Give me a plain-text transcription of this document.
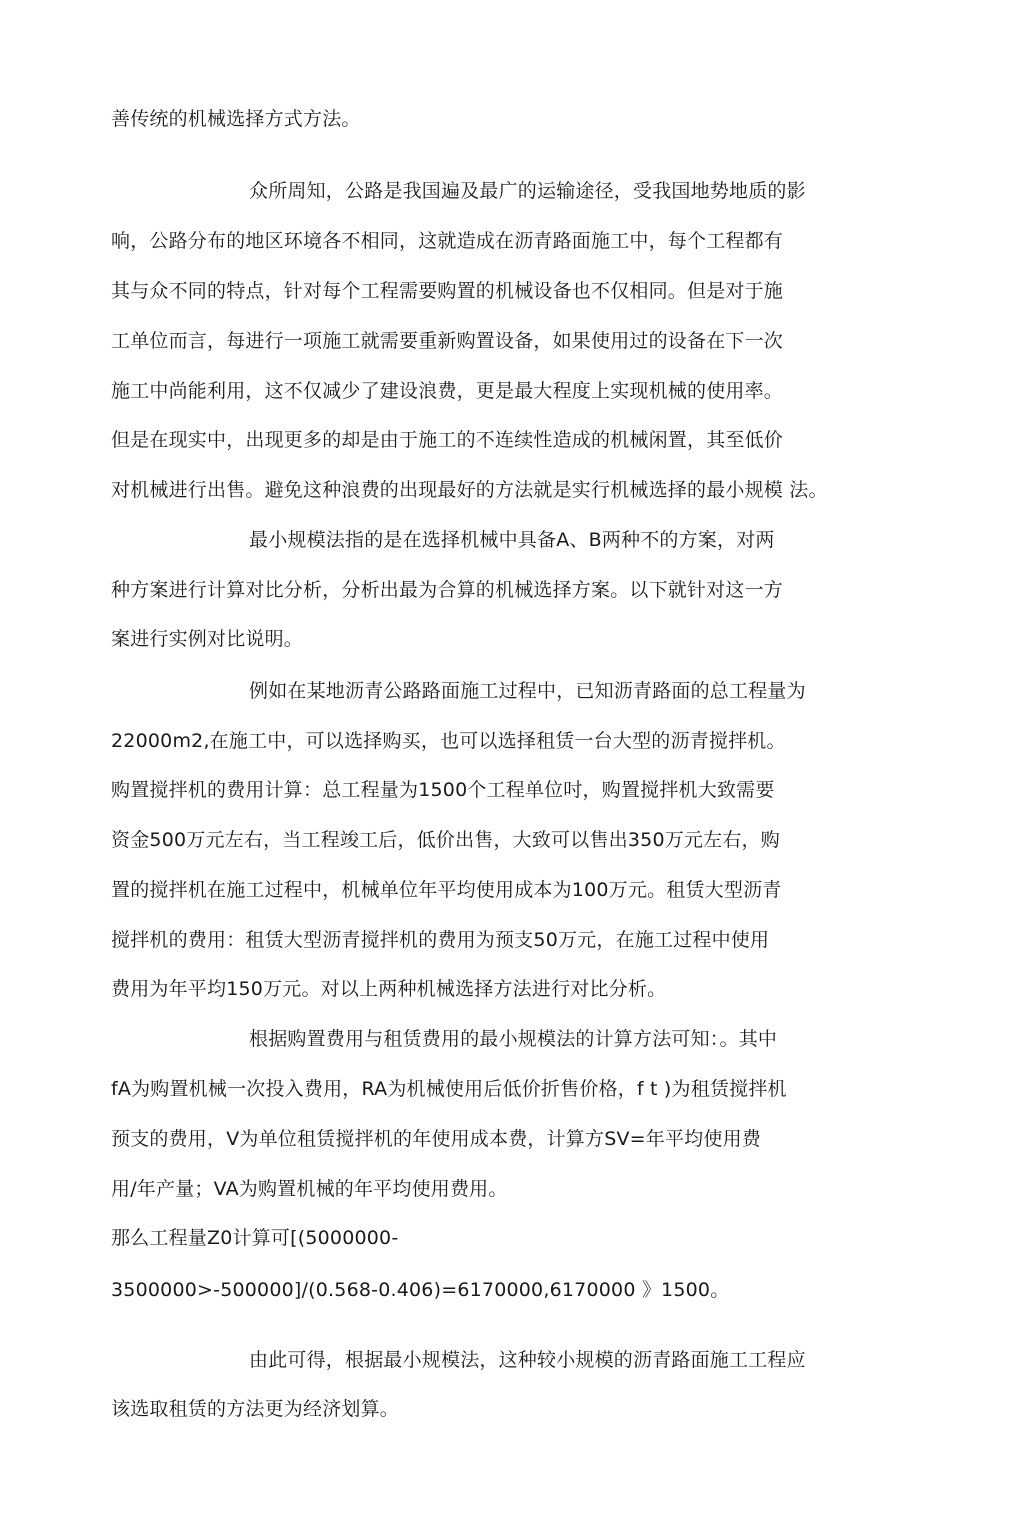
善传统的机械选择方式方法。
众所周知，公路是我国遍及最广的运输途径，受我国地势地质的影
响，公路分布的地区环境各不相同，这就造成在沥青路面施工中，每个工程都有
其与众不同的特点，针对每个工程需要购置的机械设备也不仅相同。但是对于施
工单位而言，每进行一项施工就需要重新购置设备，如果使用过的设备在下一次
施工中尚能利用，这不仅减少了建设浪费，更是最大程度上实现机械的使用率。
但是在现实中，出现更多的却是由于施工的不连续性造成的机械闲置，其至低价
对机械进行出售。避免这种浪费的出现最好的方法就是实行机械选择的最小规模 法。
最小规模法指的是在选择机械中具备A、B两种不的方案，对两
种方案进行计算对比分析，分析出最为合算的机械选择方案。以下就针对这一方
案进行实例对比说明。
例如在某地沥青公路路面施工过程中，已知沥青路面的总工程量为
22000m2,在施工中，可以选择购买，也可以选择租赁一台大型的沥青搅拌机。
购置搅拌机的费用计算：总工程量为1500个工程单位吋，购置搅拌机大致需要
资金500万元左右，当工程竣工后，低价出售，大致可以售出350万元左右，购
置的搅拌机在施工过程中，机械单位年平均使用成本为100万元。租赁大型沥青
搅拌机的费用：租赁大型沥青搅拌机的费用为预支50万元，在施工过程中使用
费用为年平均150万元。对以上两种机械选择方法进行对比分析。
根据购置费用与租赁费用的最小规模法的计算方法可知：。其中
fA为购置机械一次投入费用，RA为机械使用后低价折售价格，f t )为租赁搅拌机
预支的费用，V为单位租赁搅拌机的年使用成本费，计算方SV=年平均使用费
用/年产量；VA为购置机械的年平均使用费用。
那么工程量Z0计算可[(5000000-
3500000>-500000]/(0.568-0.406)=6170000,6170000 》1500。
由此可得，根据最小规模法，这种较小规模的沥青路面施工工程应
该选取租赁的方法更为经济划算。
